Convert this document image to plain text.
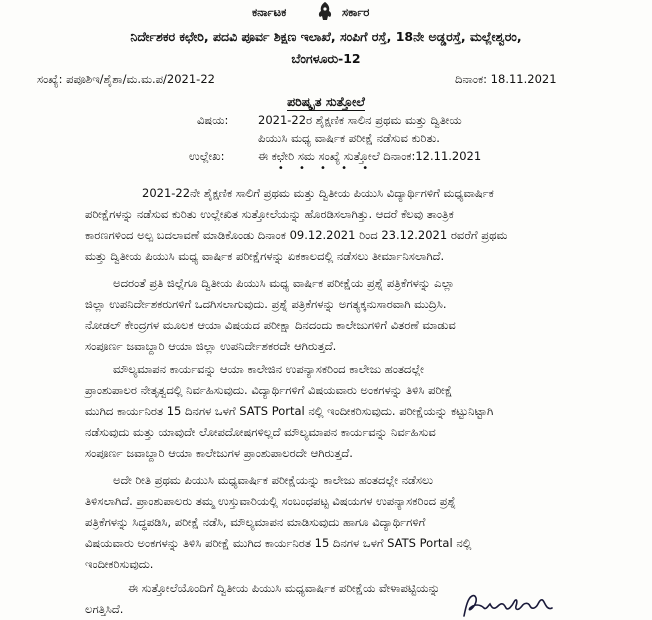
ಕರ್ನಾಟಕ	ಸರ್ಕಾರ
ನಿರ್ದೇಶಕರ ಕಛೇರಿ, ಪದವಿ ಪೂರ್ವ ಶಿಕ್ಷಣ ಇಲಾಖೆ, ಸಂಪಿಗೆ ರಸ್ತೆ, 18ನೇ ಅಡ್ಡರಸ್ತೆ, ಮಲ್ಲೇಶ್ವರಂ,
ಬೆಂಗಳೂರು-12
ಸಂಖ್ಯೆ: ಪಪೂಶಿಇ/ಶೈಶಾ/ಮ.ಮ.ಪ/2021-22	ದಿನಾಂಕ: 18.11.2021
ಪರಿಷ್ಕೃತ ಸುತ್ತೋಲೆ
ವಿಷಯ:	2021-22ರ ಶೈಕ್ಷಣಿಕ ಸಾಲಿನ ಪ್ರಥಮ ಮತ್ತು ದ್ವಿತೀಯ
ಪಿಯುಸಿ ಮಧ್ಯ ವಾರ್ಷಿಕ ಪರೀಕ್ಷೆ ನಡೆಸುವ ಕುರಿತು.
ಉಲ್ಲೇಖ:	ಈ ಕಛೇರಿ ಸಮ ಸಂಖ್ಯೆ ಸುತ್ತೋಲೆ ದಿನಾಂಕ:12.11.2021
• • • • •
2021-22ನೇ ಶೈಕ್ಷಣಿಕ ಸಾಲಿಗೆ ಪ್ರಥಮ ಮತ್ತು ದ್ವಿತೀಯ ಪಿಯುಸಿ ವಿದ್ಯಾರ್ಥಿಗಳಿಗೆ ಮಧ್ಯವಾರ್ಷಿಕ
ಪರೀಕ್ಷೆಗಳನ್ನು ನಡೆಸುವ ಕುರಿತು ಉಲ್ಲೇಖಿತ ಸುತ್ತೋಲೆಯನ್ನು ಹೊರಡಿಸಲಾಗಿತ್ತು. ಆದರೆ ಕೆಲವು ತಾಂತ್ರಿಕ
ಕಾರಣಗಳಿಂದ ಅಲ್ಪ ಬದಲಾವಣೆ ಮಾಡಿಕೊಂಡು ದಿನಾಂಕ 09.12.2021 ರಿಂದ 23.12.2021 ರವರೆಗೆ ಪ್ರಥಮ
ಮತ್ತು ದ್ವಿತೀಯ ಪಿಯುಸಿ ಮಧ್ಯ ವಾರ್ಷಿಕ ಪರೀಕ್ಷೆಗಳನ್ನು ಏಕಕಾಲದಲ್ಲಿ ನಡೆಸಲು ತೀರ್ಮಾನಿಸಲಾಗಿದೆ.
ಅದರಂತೆ ಪ್ರತಿ ಜಿಲ್ಲೆಗೂ ದ್ವಿತೀಯ ಪಿಯುಸಿ ಮಧ್ಯ ವಾರ್ಷಿಕ ಪರೀಕ್ಷೆಯ ಪ್ರಶ್ನೆ ಪತ್ರಿಕೆಗಳನ್ನು ಎಲ್ಲಾ
ಜಿಲ್ಲಾ ಉಪನಿರ್ದೇಶಕರುಗಳಿಗೆ ಒದಗಿಸಲಾಗುವುದು. ಪ್ರಶ್ನೆ ಪತ್ರಿಕೆಗಳನ್ನು ಅಗತ್ಯಕ್ಕನುಸಾರವಾಗಿ ಮುದ್ರಿಸಿ.
ನೋಡಲ್ ಕೇಂದ್ರಗಳ ಮೂಲಕ ಆಯಾ ವಿಷಯದ ಪರೀಕ್ಷಾ ದಿನದಂದು ಕಾಲೇಜುಗಳಿಗೆ ವಿತರಣೆ ಮಾಡುವ
ಸಂಪೂರ್ಣ ಜವಾಬ್ದಾರಿ ಆಯಾ ಜಿಲ್ಲಾ ಉಪನಿರ್ದೇಶಕರದೇ ಆಗಿರುತ್ತದೆ.
ಮೌಲ್ಯಮಾಪನ ಕಾರ್ಯವನ್ನು ಆಯಾ ಕಾಲೇಜಿನ ಉಪನ್ಯಾಸಕರಿಂದ ಕಾಲೇಜು ಹಂತದಲ್ಲೇ
ಪ್ರಾಂಶುಪಾಲರ ನೇತೃತ್ವದಲ್ಲಿ ನಿರ್ವಹಿಸುವುದು. ವಿದ್ಯಾರ್ಥಿಗಳಿಗೆ ವಿಷಯವಾರು ಅಂಕಗಳನ್ನು ತಿಳಿಸಿ ಪರೀಕ್ಷೆ
ಮುಗಿದ ಕಾರ್ಯನಿರತ 15 ದಿನಗಳ ಒಳಗೆ SATS Portal ನಲ್ಲಿ ಇಂದೀಕರಿಸುವುದು. ಪರೀಕ್ಷೆಯನ್ನು ಕಟ್ಟುನಿಟ್ಟಾಗಿ
ನಡೆಸುವುದು ಮತ್ತು ಯಾವುದೇ ಲೋಪದೋಷಗಳಿಲ್ಲದೆ ಮೌಲ್ಯಮಾಪನ ಕಾರ್ಯವನ್ನು ನಿರ್ವಹಿಸುವ
ಸಂಪೂರ್ಣ ಜವಾಬ್ದಾರಿ ಆಯಾ ಕಾಲೇಜುಗಳ ಪ್ರಾಂಶುಪಾಲರದೇ ಆಗಿರುತ್ತದೆ.
ಅದೇ ರೀತಿ ಪ್ರಥಮ ಪಿಯುಸಿ ಮಧ್ಯವಾರ್ಷಿಕ ಪರೀಕ್ಷೆಯನ್ನು ಕಾಲೇಜು ಹಂತದಲ್ಲೇ ನಡೆಸಲು
ತಿಳಿಸಲಾಗಿದೆ. ಪ್ರಾಂಶುಪಾಲರು ತಮ್ಮ ಉಸ್ತುವಾರಿಯಲ್ಲಿ ಸಂಬಂಧಪಟ್ಟ ವಿಷಯಗಳ ಉಪನ್ಯಾಸಕರಿಂದ ಪ್ರಶ್ನೆ
ಪತ್ರಿಕೆಗಳನ್ನು ಸಿದ್ಧಪಡಿಸಿ, ಪರೀಕ್ಷೆ ನಡೆಸಿ, ಮೌಲ್ಯಮಾಪನ ಮಾಡಿಸುವುದು ಹಾಗೂ ವಿದ್ಯಾರ್ಥಿಗಳಿಗೆ
ವಿಷಯವಾರು ಅಂಕಗಳನ್ನು ತಿಳಿಸಿ ಪರೀಕ್ಷೆ ಮುಗಿದ ಕಾರ್ಯನಿರತ 15 ದಿನಗಳ ಒಳಗೆ SATS Portal ನಲ್ಲಿ
ಇಂದೀಕರಿಸುವುದು.
ಈ ಸುತ್ತೋಲೆಯೊಂದಿಗೆ ದ್ವಿತೀಯ ಪಿಯುಸಿ ಮಧ್ಯವಾರ್ಷಿಕ ಪರೀಕ್ಷೆಯ ವೇಳಾಪಟ್ಟಿಯನ್ನು
ಲಗತ್ತಿಸಿದೆ.
